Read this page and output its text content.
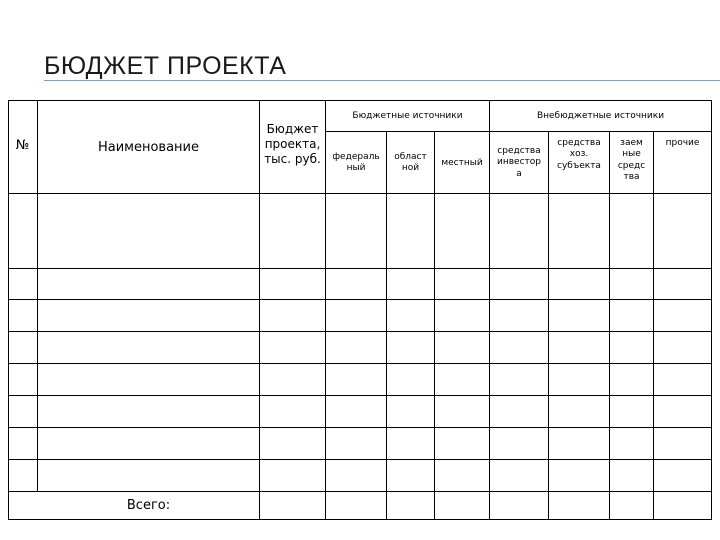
БЮДЖЕТ ПРОЕКТА
№	Наименование
Бюджет
проекта,
тыс. руб.
Бюджетные источники	Внебюджетные источники
федераль
ный
област
ной
местный
средства
инвестор
а
средства
хоз.
субъекта
заем
ные
средс
тва
прочие
Всего:
